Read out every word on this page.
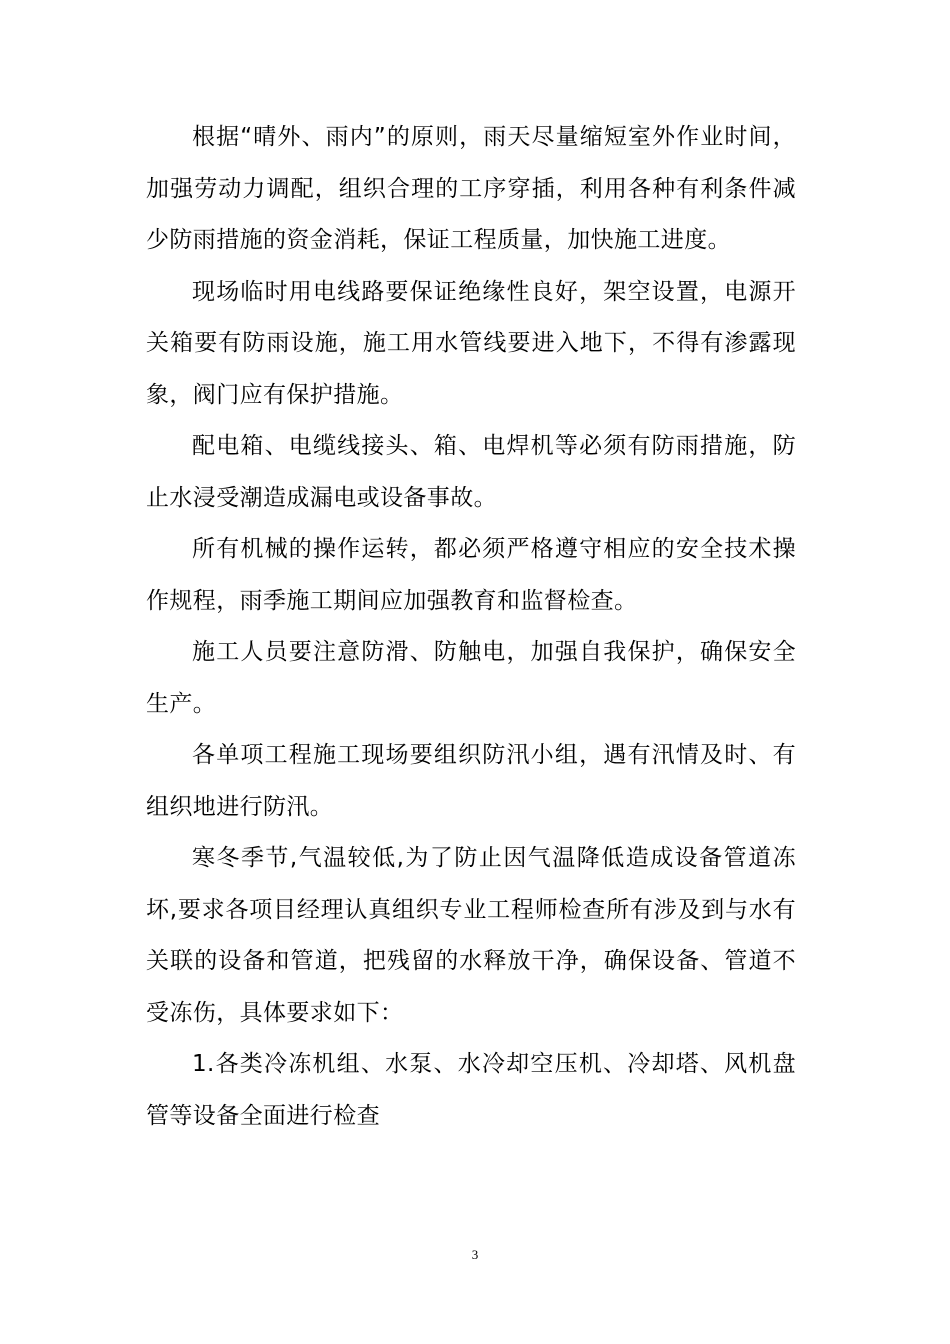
根据“晴外、雨内”的原则，雨天尽量缩短室外作业时间，加强劳动力调配，组织合理的工序穿插，利用各种有利条件减少防雨措施的资金消耗，保证工程质量，加快施工进度。

现场临时用电线路要保证绝缘性良好，架空设置，电源开关箱要有防雨设施，施工用水管线要进入地下，不得有渗露现象，阀门应有保护措施。

配电箱、电缆线接头、箱、电焊机等必须有防雨措施，防止水浸受潮造成漏电或设备事故。

所有机械的操作运转，都必须严格遵守相应的安全技术操作规程，雨季施工期间应加强教育和监督检查。

施工人员要注意防滑、防触电，加强自我保护，确保安全生产。

各单项工程施工现场要组织防汛小组，遇有汛情及时、有组织地进行防汛。

寒冬季节,气温较低,为了防止因气温降低造成设备管道冻坏,要求各项目经理认真组织专业工程师检查所有涉及到与水有关联的设备和管道，把残留的水释放干净，确保设备、管道不受冻伤，具体要求如下：

1.各类冷冻机组、水泵、水冷却空压机、冷却塔、风机盘管等设备全面进行检查

3
